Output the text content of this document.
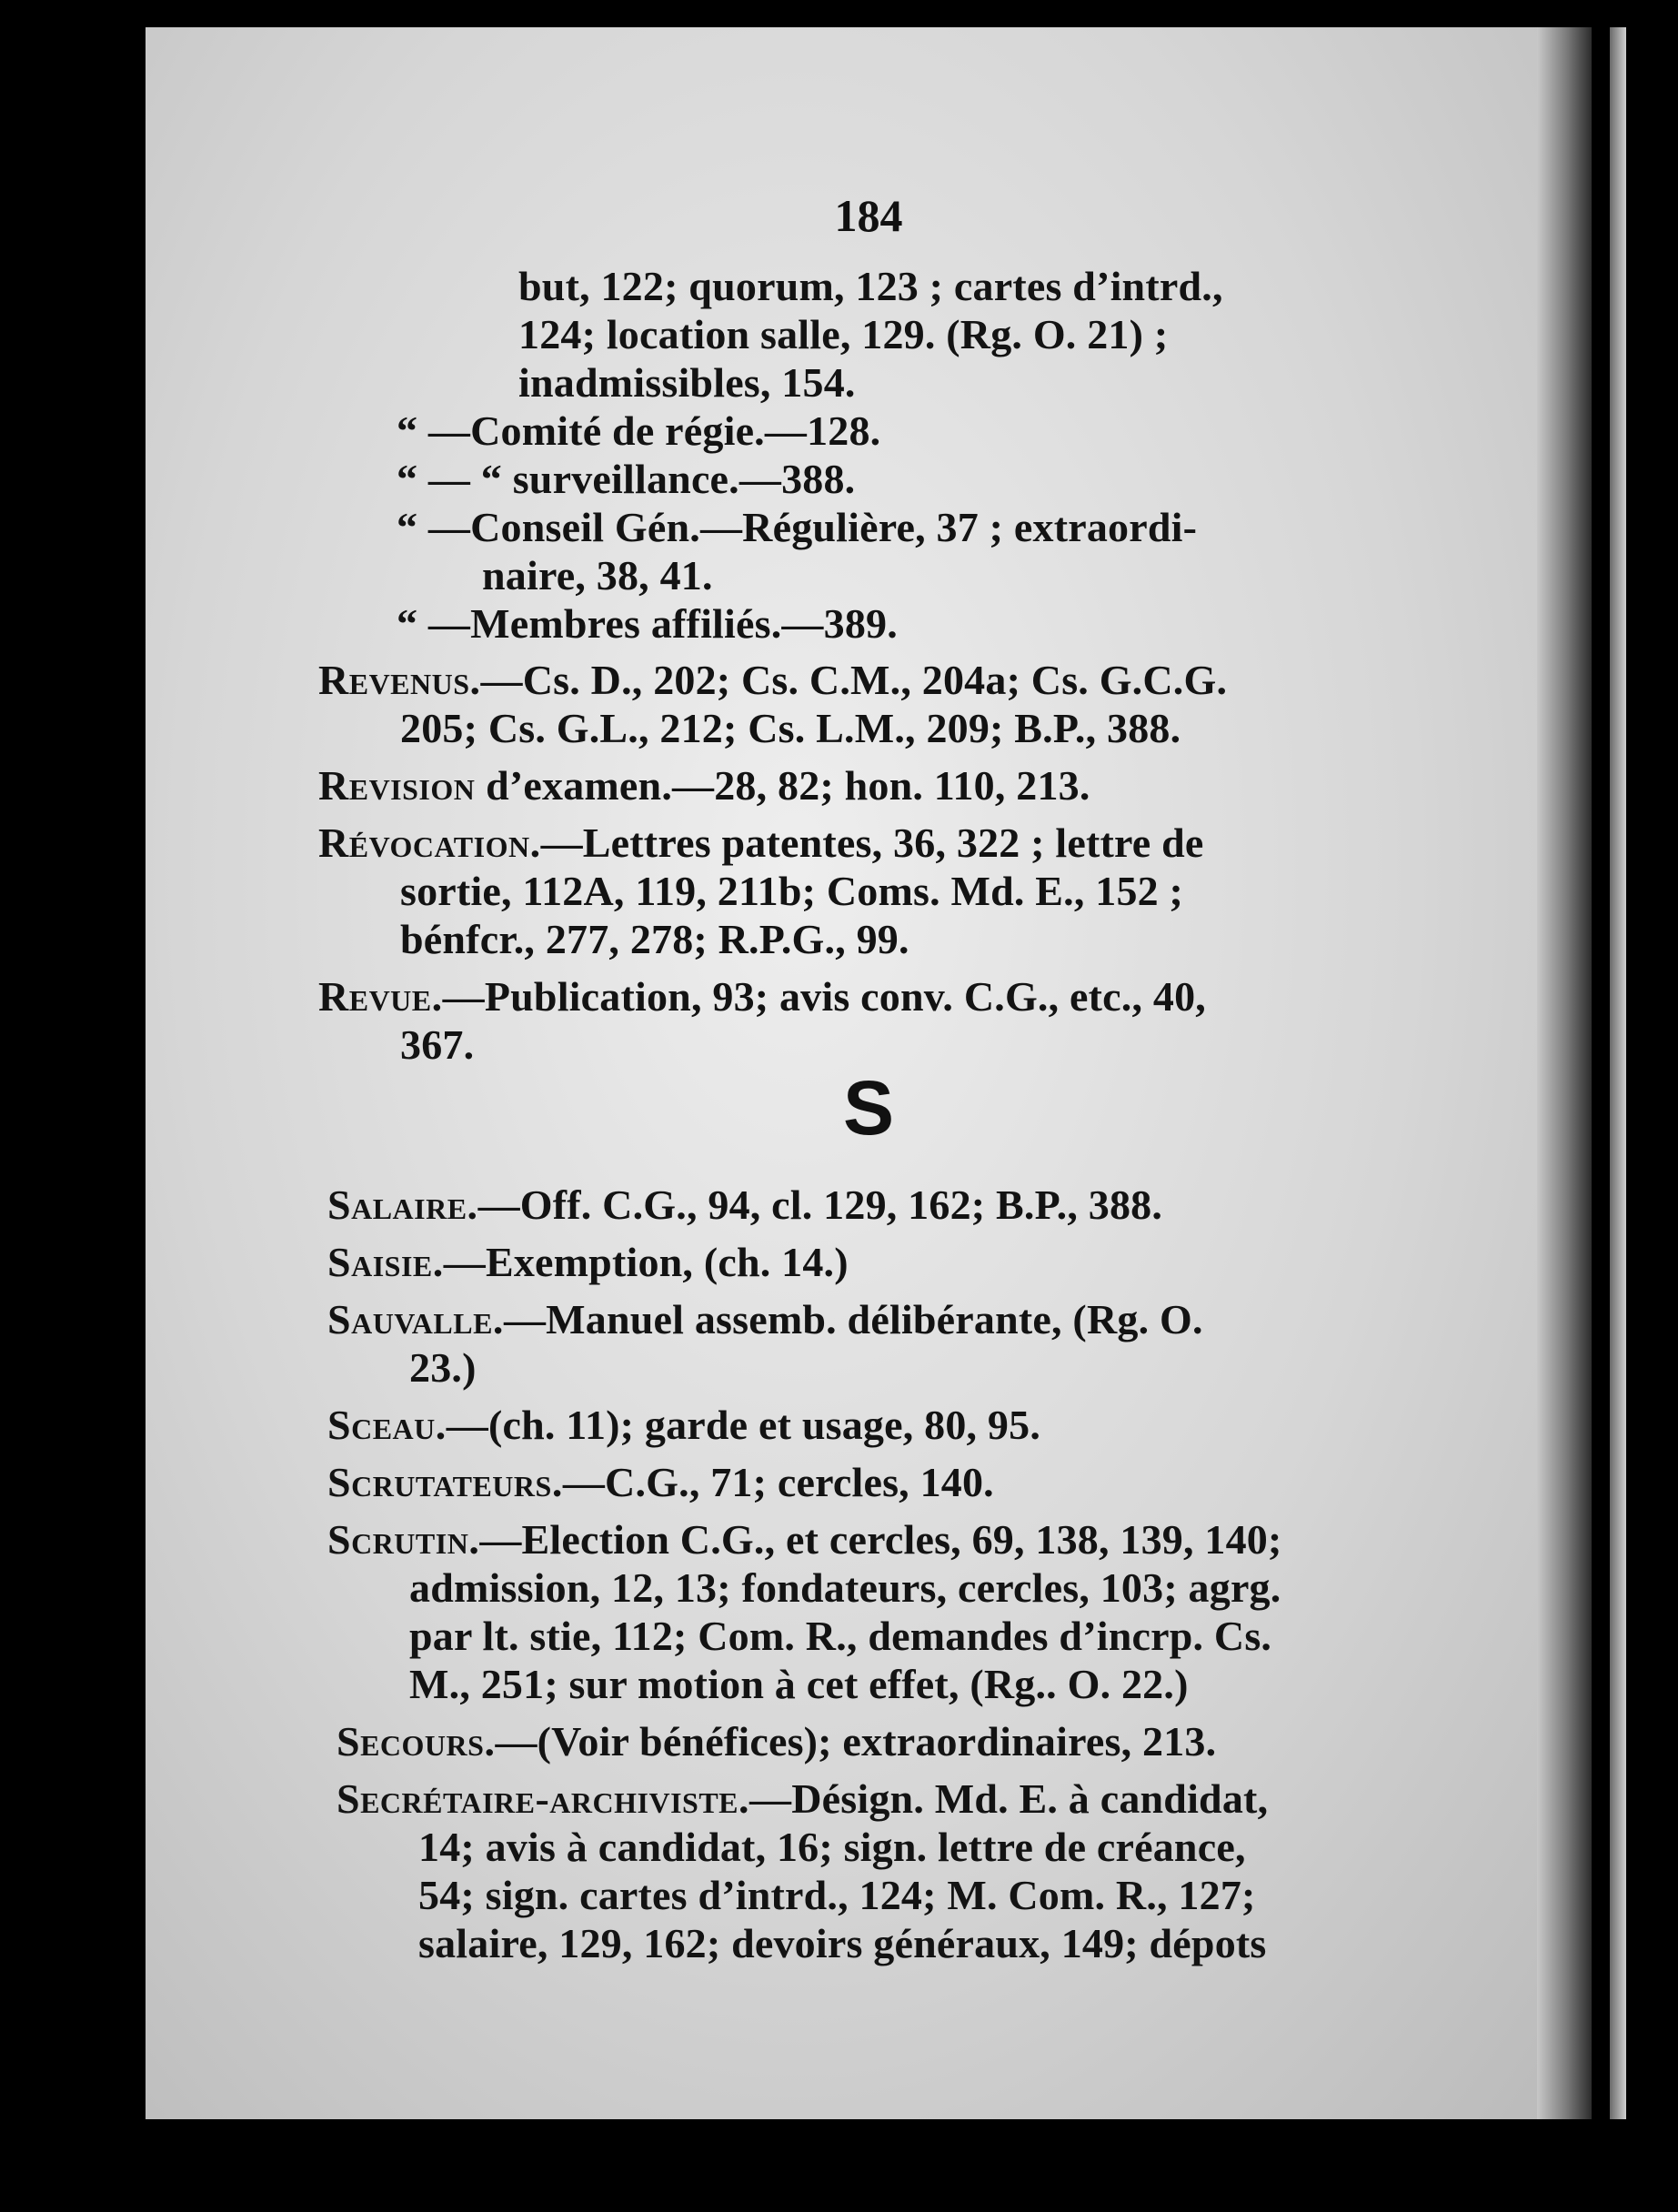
184
but, 122; quorum, 123 ; cartes d’intrd.,
124; location salle, 129. (Rg. O. 21) ;
inadmissibles, 154.
“ —Comité de régie.—128.
“ — “ surveillance.—388.
“ —Conseil Gén.—Régulière, 37 ; extraordi-
naire, 38, 41.
“ —Membres affiliés.—389.
Revenus.—Cs. D., 202; Cs. C.M., 204a; Cs. G.C.G.
205; Cs. G.L., 212; Cs. L.M., 209; B.P., 388.
Revision d’examen.—28, 82; hon. 110, 213.
Révocation.—Lettres patentes, 36, 322 ; lettre de
sortie, 112A, 119, 211b; Coms. Md. E., 152 ;
bénfcr., 277, 278; R.P.G., 99.
Revue.—Publication, 93; avis conv. C.G., etc., 40,
367.
S
Salaire.—Off. C.G., 94, cl. 129, 162; B.P., 388.
Saisie.—Exemption, (ch. 14.)
Sauvalle.—Manuel assemb. délibérante, (Rg. O.
23.)
Sceau.—(ch. 11); garde et usage, 80, 95.
Scrutateurs.—C.G., 71; cercles, 140.
Scrutin.—Election C.G., et cercles, 69, 138, 139, 140;
admission, 12, 13; fondateurs, cercles, 103; agrg.
par lt. stie, 112; Com. R., demandes d’incrp. Cs.
M., 251; sur motion à cet effet, (Rg.. O. 22.)
Secours.—(Voir bénéfices); extraordinaires, 213.
Secrétaire-archiviste.—Désign. Md. E. à candidat,
14; avis à candidat, 16; sign. lettre de créance,
54; sign. cartes d’intrd., 124; M. Com. R., 127;
salaire, 129, 162; devoirs généraux, 149; dépots
